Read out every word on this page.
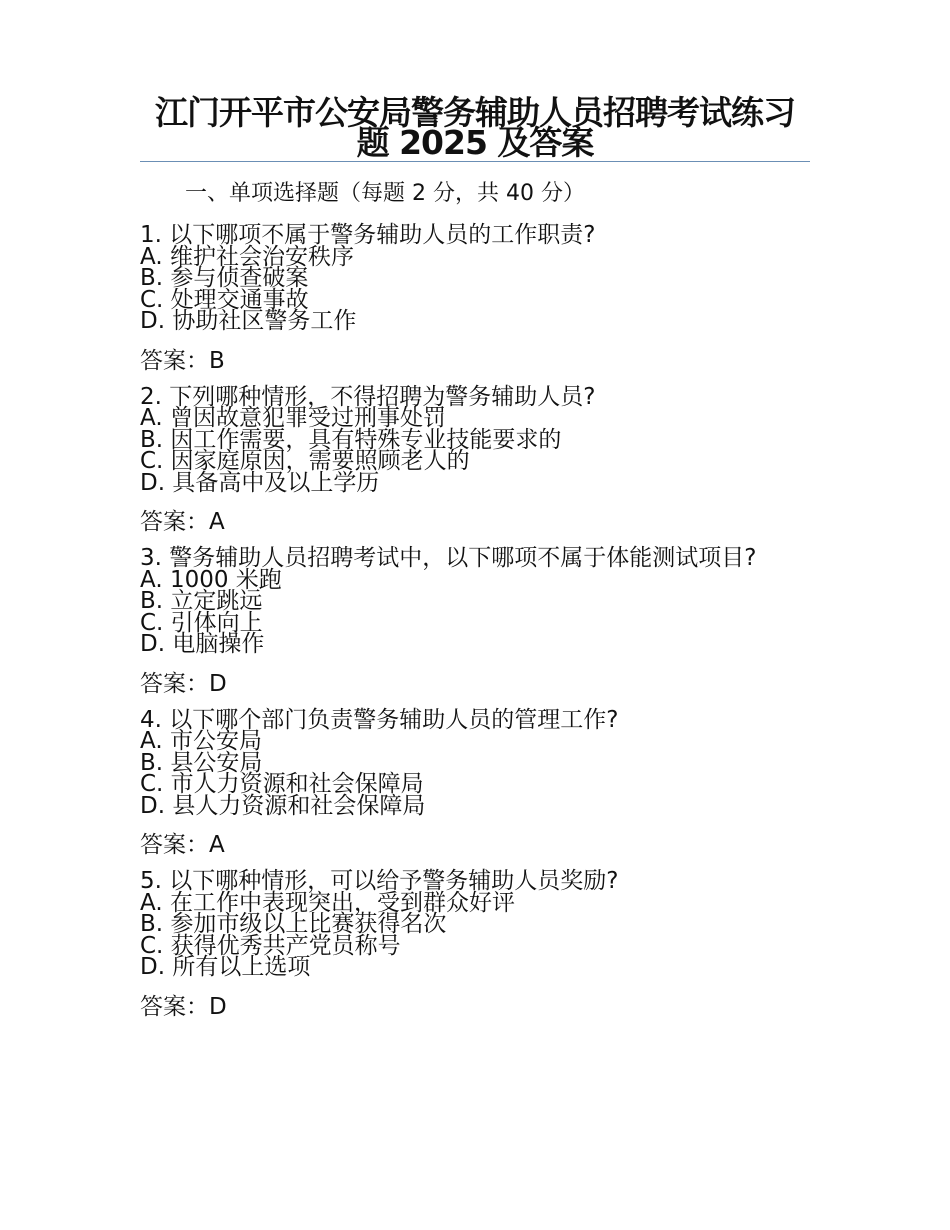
江门开平市公安局警务辅助人员招聘考试练习题 2025 及答案

一、单项选择题（每题 2 分，共 40 分）

1. 以下哪项不属于警务辅助人员的工作职责?

A. 维护社会治安秩序
B. 参与侦查破案
C. 处理交通事故
D. 协助社区警务工作

答案：B

2. 下列哪种情形，不得招聘为警务辅助人员?

A. 曾因故意犯罪受过刑事处罚
B. 因工作需要，具有特殊专业技能要求的
C. 因家庭原因，需要照顾老人的
D. 具备高中及以上学历

答案：A

3. 警务辅助人员招聘考试中，以下哪项不属于体能测试项目?

A. 1000 米跑
B. 立定跳远
C. 引体向上
D. 电脑操作

答案：D

4. 以下哪个部门负责警务辅助人员的管理工作?

A. 市公安局
B. 县公安局
C. 市人力资源和社会保障局
D. 县人力资源和社会保障局

答案：A

5. 以下哪种情形，可以给予警务辅助人员奖励?

A. 在工作中表现突出，受到群众好评
B. 参加市级以上比赛获得名次
C. 获得优秀共产党员称号
D. 所有以上选项

答案：D
